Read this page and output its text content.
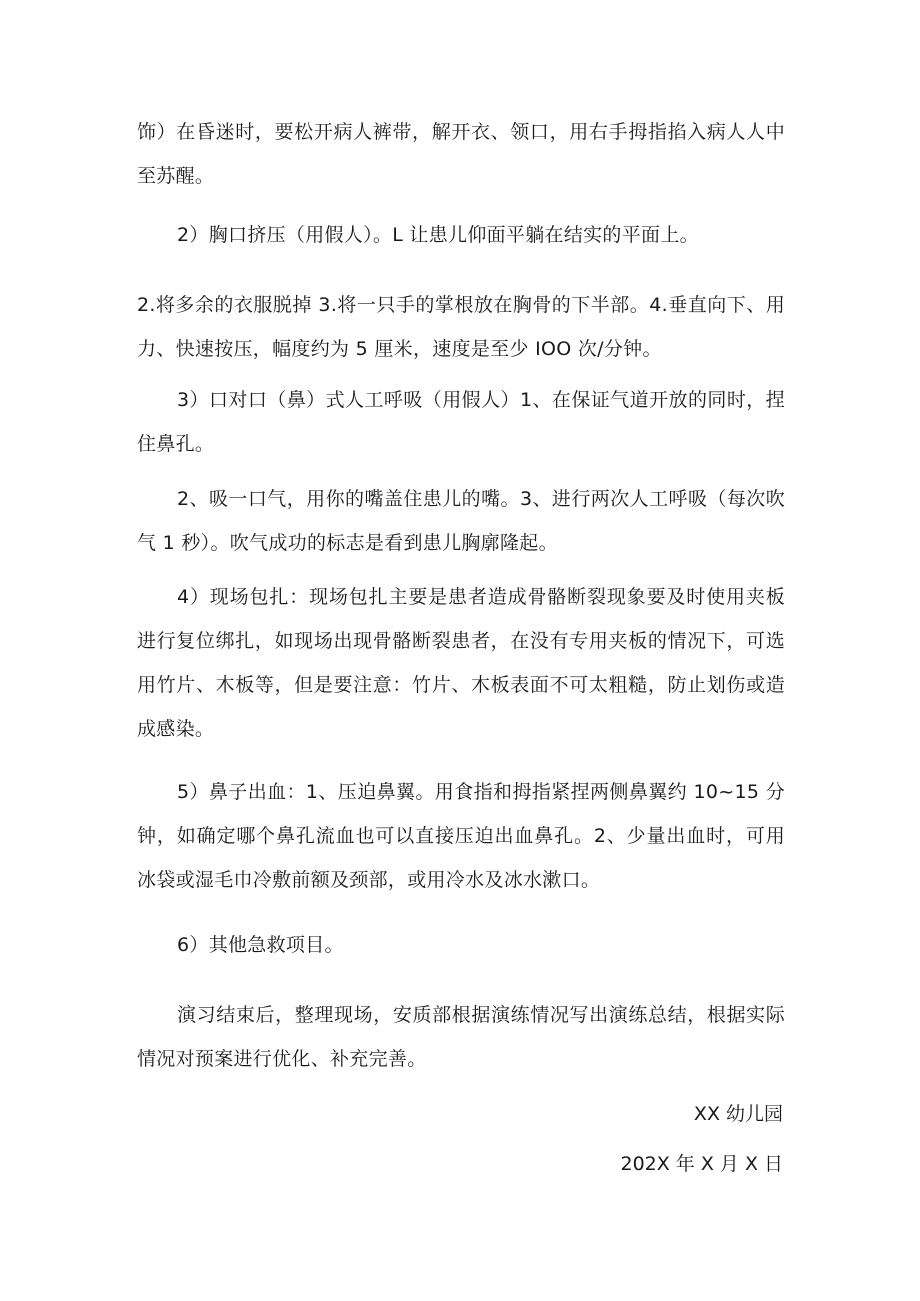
饰）在昏迷时，要松开病人裤带，解开衣、领口，用右手拇指掐入病人人中至苏醒。

2）胸口挤压（用假人）。L 让患儿仰面平躺在结实的平面上。

2.将多余的衣服脱掉 3.将一只手的掌根放在胸骨的下半部。4.垂直向下、用力、快速按压，幅度约为 5 厘米，速度是至少 IOO 次/分钟。

3）口对口（鼻）式人工呼吸（用假人）1、在保证气道开放的同时，捏住鼻孔。

2、吸一口气，用你的嘴盖住患儿的嘴。3、进行两次人工呼吸（每次吹气 1 秒）。吹气成功的标志是看到患儿胸廓隆起。

4）现场包扎：现场包扎主要是患者造成骨骼断裂现象要及时使用夹板进行复位绑扎，如现场出现骨骼断裂患者，在没有专用夹板的情况下，可选用竹片、木板等，但是要注意：竹片、木板表面不可太粗糙，防止划伤或造成感染。

5）鼻子出血：1、压迫鼻翼。用食指和拇指紧捏两侧鼻翼约 10~15 分钟，如确定哪个鼻孔流血也可以直接压迫出血鼻孔。2、少量出血时，可用冰袋或湿毛巾冷敷前额及颈部，或用冷水及冰水漱口。

6）其他急救项目。

演习结束后，整理现场，安质部根据演练情况写出演练总结，根据实际情况对预案进行优化、补充完善。

XX 幼儿园
202X 年 X 月 X 日
